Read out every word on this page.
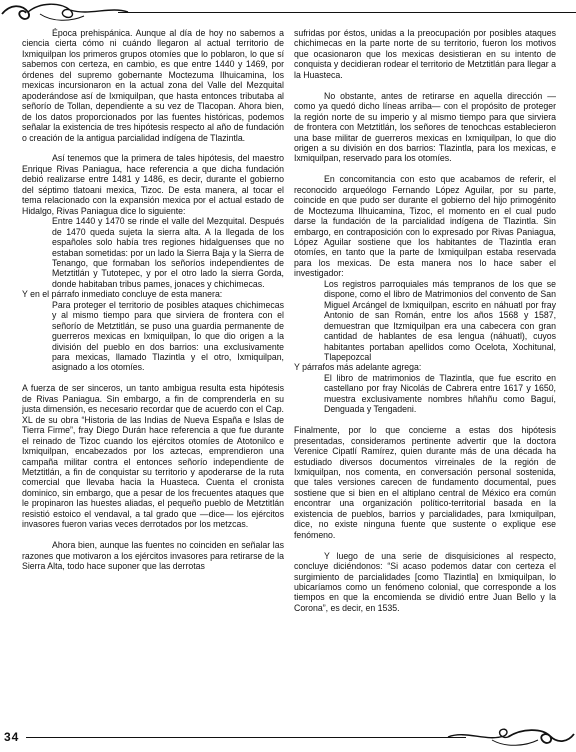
Época prehispánica. Aunque al día de hoy no sabemos a ciencia cierta cómo ni cuándo llegaron al actual territorio de Ixmiquilpan los primeros grupos otomíes que lo poblaron, lo que sí sabemos con certeza, en cambio, es que entre 1440 y 1469, por órdenes del supremo gobernante Moctezuma Ilhuicamina, los mexicas incursionaron en la actual zona del Valle del Mezquital apoderándose así de Ixmiquilpan, que hasta entonces tributaba al señorío de Tollan, dependiente a su vez de Tlacopan. Ahora bien, de los datos proporcionados por las fuentes históricas, podemos señalar la existencia de tres hipótesis respecto al año de fundación o creación de la antigua parcialidad indígena de Tlazintla.

Así tenemos que la primera de tales hipótesis, del maestro Enrique Rivas Paniagua, hace referencia a que dicha fundación debió realizarse entre 1481 y 1486, es decir, durante el gobierno del séptimo tlatoani mexica, Tizoc. De esta manera, al tocar el tema relacionado con la expansión mexica por el actual estado de Hidalgo, Rivas Paniagua dice lo siguiente:

Entre 1440 y 1470 se rinde el valle del Mezquital. Después de 1470 queda sujeta la sierra alta. A la llegada de los españoles solo había tres regiones hidalguenses que no estaban sometidas: por un lado la Sierra Baja y la Sierra de Tenango, que formaban los señoríos independientes de Metztitlán y Tutotepec, y por el otro lado la sierra Gorda, donde habitaban tribus pames, jonaces y chichimecas.

Y en el párrafo inmediato concluye de esta manera:

Para proteger el territorio de posibles ataques chichimecas y al mismo tiempo para que sirviera de frontera con el señorío de Metztitlán, se puso una guardia permanente de guerreros mexicas en Ixmiquilpan, lo que dio origen a la división del pueblo en dos barrios: una exclusivamente para mexicas, llamado Tlazintla y el otro, Ixmiquilpan, asignado a los otomíes.

A fuerza de ser sinceros, un tanto ambigua resulta esta hipótesis de Rivas Paniagua. Sin embargo, a fin de comprenderla en su justa dimensión, es necesario recordar que de acuerdo con el Cap. XL de su obra “Historia de las Indias de Nueva España e Islas de Tierra Firme”, fray Diego Durán hace referencia a que fue durante el reinado de Tizoc cuando los ejércitos otomíes de Atotonilco e Ixmiquilpan, encabezados por los aztecas, emprendieron una campaña militar contra el entonces señorío independiente de Metztitlán, a fin de conquistar su territorio y apoderarse de la ruta comercial que llevaba hacia la Huasteca. Cuenta el cronista dominico, sin embargo, que a pesar de los frecuentes ataques que le propinaron las huestes aliadas, el pequeño pueblo de Metztitlán resistió estoico el vendaval, a tal grado que —dice— los ejércitos invasores fueron varias veces derrotados por los metzcas.

Ahora bien, aunque las fuentes no coinciden en señalar las razones que motivaron a los ejércitos invasores para retirarse de la Sierra Alta, todo hace suponer que las derrotas

sufridas por éstos, unidas a la preocupación por posibles ataques chichimecas en la parte norte de su territorio, fueron los motivos que ocasionaron que los mexicas desistieran en su intento de conquista y decidieran rodear el territorio de Metztitlán para llegar a la Huasteca.

No obstante, antes de retirarse en aquella dirección —como ya quedó dicho líneas arriba— con el propósito de proteger la región norte de su imperio y al mismo tiempo para que sirviera de frontera con Metztitlán, los señores de tenochcas establecieron una base militar de guerreros mexicas en Ixmiquilpan, lo que dio origen a su división en dos barrios: Tlazintla, para los mexicas, e Ixmiquilpan, reservado para los otomíes.

En concomitancia con esto que acabamos de referir, el reconocido arqueólogo Fernando López Aguilar, por su parte, coincide en que pudo ser durante el gobierno del hijo primogénito de Moctezuma Ilhuicamina, Tizoc, el momento en el cual pudo darse la fundación de la parcialidad indígena de Tlazintla. Sin embargo, en contraposición con lo expresado por Rivas Paniagua, López Aguilar sostiene que los habitantes de Tlazintla eran otomíes, en tanto que la parte de Ixmiquilpan estaba reservada para los mexicas. De esta manera nos lo hace saber el investigador:

Los registros parroquiales más tempranos de los que se dispone, como el libro de Matrimonios del convento de San Miguel Arcángel de Ixmiquilpan, escrito en náhuatl por fray Antonio de san Román, entre los años 1568 y 1587, demuestran que Itzmiquilpan era una cabecera con gran cantidad de hablantes de esa lengua (náhuatl), cuyos habitantes portaban apellidos como Ocelota, Xochitunal, Tlapepozcal

Y párrafos más adelante agrega:

El libro de matrimonios de Tlazintla, que fue escrito en castellano por fray Nicolás de Cabrera entre 1617 y 1650, muestra exclusivamente nombres hñahñu como Baguí, Denguada y Tengadeni.

Finalmente, por lo que concierne a estas dos hipótesis presentadas, consideramos pertinente advertir que la doctora Verenice Cipatlí Ramírez, quien durante más de una década ha estudiado diversos documentos virreinales de la región de Ixmiquilpan, nos comenta, en conversación personal sostenida, que tales versiones carecen de fundamento documental, pues sostiene que si bien en el altiplano central de México era común encontrar una organización político-territorial basada en la existencia de pueblos, barrios y parcialidades, para Ixmiquilpan, dice, no existe ninguna fuente que sustente o explique ese fenómeno.

Y luego de una serie de disquisiciones al respecto, concluye diciéndonos: “Si acaso podemos datar con certeza el surgimiento de parcialidades [como Tlazintla] en Ixmiquilpan, lo ubicaríamos como un fenómeno colonial, que corresponde a los tiempos en que la encomienda se dividió entre Juan Bello y la Corona”, es decir, en 1535.

34
